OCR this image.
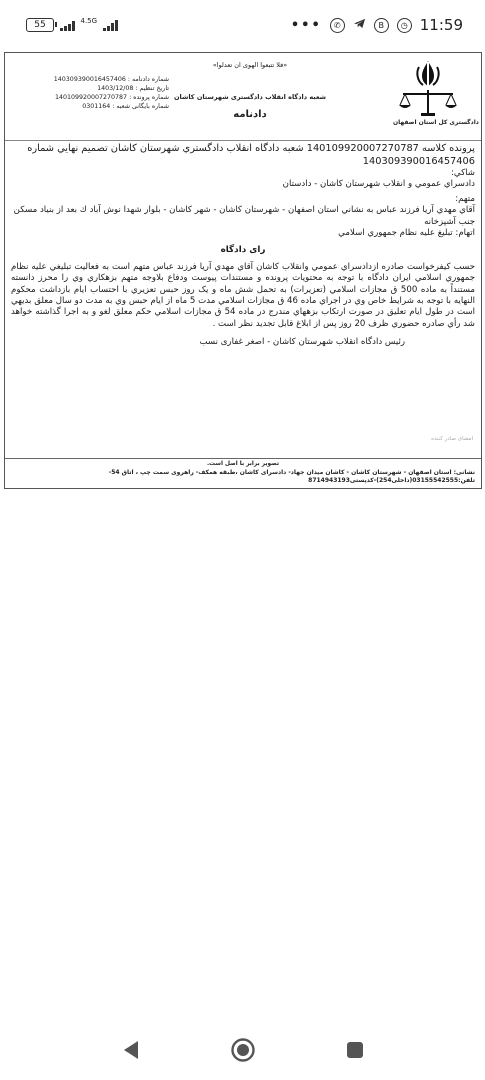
55	4.5G	•••	✆	B	◷ 11:59
دادگستری کل استان اصفهان
«فلا تتبعوا الهوی ان تعدلوا»
شعبه دادگاه انقلاب دادگستری شهرستان کاشان
دادنامه
شماره دادنامه : 140309390016457406
تاریخ تنظیم : 1403/12/08
شماره پرونده : 140109920007270787
شماره بایگانی شعبه : 0301164

پرونده كلاسه 140109920007270787 شعبه دادگاه انقلاب دادگستري شهرستان كاشان تصميم نهايي شماره 140309390016457406

شاكي:

دادسراي عمومي و انقلاب شهرستان كاشان - دادستان

متهم:

آقاي مهدي آريا فرزند عباس به نشاني استان اصفهان - شهرستان كاشان - شهر كاشان - بلوار شهدا نوش آباد ك بعد از بنياد مسكن جنب آشپزخانه

اتهام: تبليغ عليه نظام جمهوري اسلامي

رای دادگاه

حسب كيفرخواست صادره ازدادسراي عمومي وانقلاب كاشان آقاي مهدي آريا فرزند عباس متهم است به فعاليت تبليغي عليه نظام جمهوري اسلامي ايران دادگاه با توجه به محتويات پرونده و مستندات پيوست ودفاع بلاوجه متهم بزهكاري وي را محرز دانسته مستنداً به ماده 500 ق مجازات اسلامي (تعزيرات) به تحمل شش ماه و يک روز حبس تعزيري با احتساب ايام بازداشت محكوم النهايه با توجه به شرايط خاص وي در اجراي ماده 46 ق مجازات اسلامي مدت 5 ماه از ايام حبس وي به مدت دو سال معلق بديهي است در طول ايام تعليق در صورت ارتكاب بزههاي مندرج در ماده 54 ق مجازات اسلامي حكم معلق لغو و به اجرا گذاشته خواهد شد رأي صادره حضوري ظرف 20 روز پس از ابلاغ قابل تجديد نظر است .

رئيس دادگاه انقلاب شهرستان كاشان - اصغر غفاری نسب

امضای صادر کننده
تصویر برابر با اصل است.
نشانی: استان اصفهان - شهرستان کاشان - کاشان میدان جهاد- دادسرای کاشان ،طبقه همکف- راهروی سمت چپ ، اتاق 54-تلفن:03155542555(داخلی254)-کدپستی8714943193
